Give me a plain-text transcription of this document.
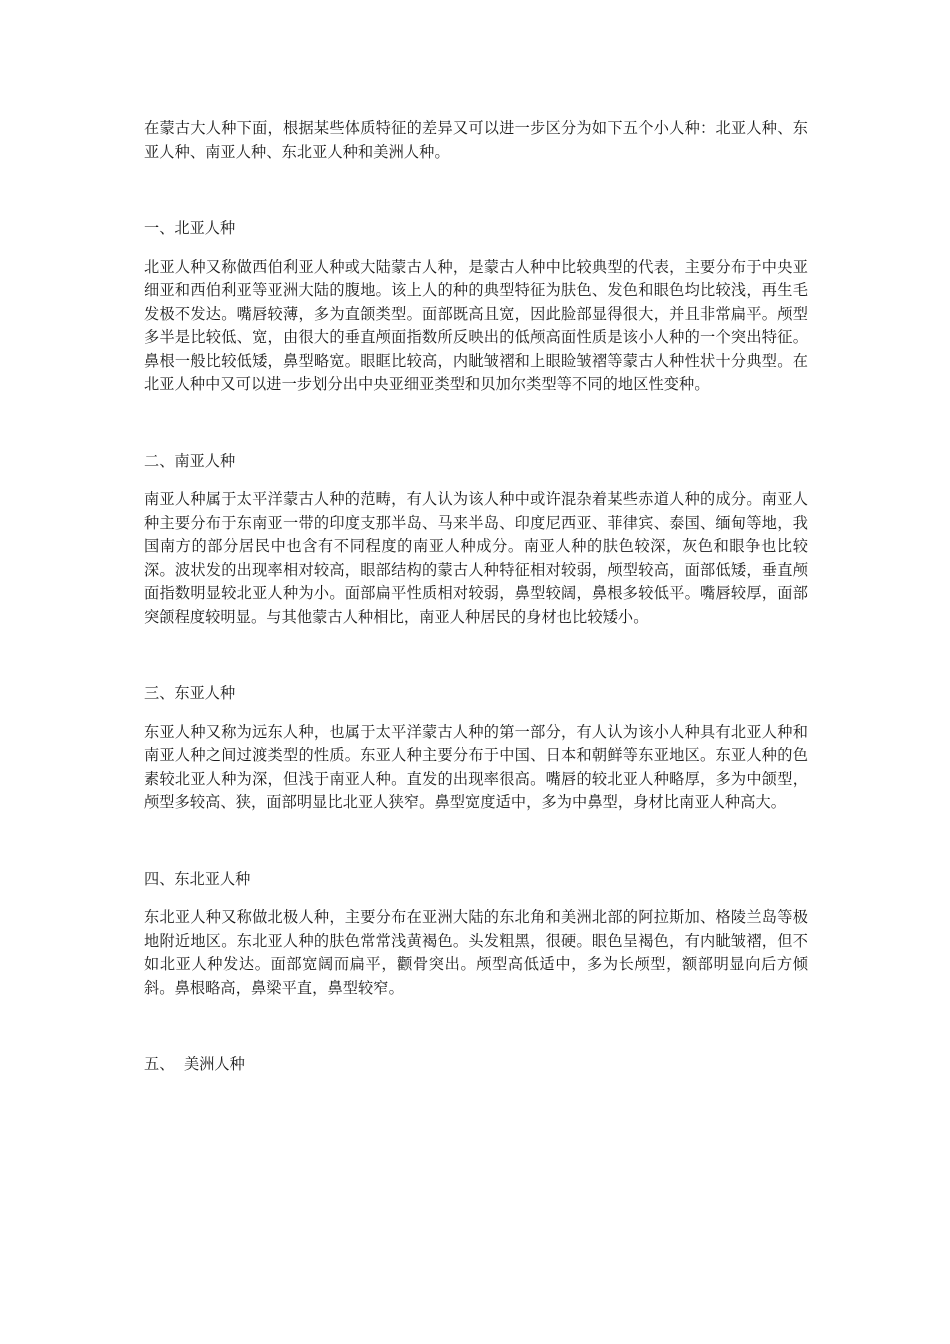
在蒙古大人种下面，根据某些体质特征的差异又可以进一步区分为如下五个小人种：北亚人种、东亚人种、南亚人种、东北亚人种和美洲人种。

一、北亚人种

北亚人种又称做西伯利亚人种或大陆蒙古人种，是蒙古人种中比较典型的代表，主要分布于中央亚细亚和西伯利亚等亚洲大陆的腹地。该上人的种的典型特征为肤色、发色和眼色均比较浅，再生毛发极不发达。嘴唇较薄，多为直颌类型。面部既高且宽，因此脸部显得很大，并且非常扁平。颅型多半是比较低、宽，由很大的垂直颅面指数所反映出的低颅高面性质是该小人种的一个突出特征。鼻根一般比较低矮，鼻型略宽。眼眶比较高，内眦皱褶和上眼睑皱褶等蒙古人种性状十分典型。在北亚人种中又可以进一步划分出中央亚细亚类型和贝加尔类型等不同的地区性变种。

二、南亚人种

南亚人种属于太平洋蒙古人种的范畴，有人认为该人种中或许混杂着某些赤道人种的成分。南亚人种主要分布于东南亚一带的印度支那半岛、马来半岛、印度尼西亚、菲律宾、泰国、缅甸等地，我国南方的部分居民中也含有不同程度的南亚人种成分。南亚人种的肤色较深，灰色和眼争也比较深。波状发的出现率相对较高，眼部结构的蒙古人种特征相对较弱，颅型较高，面部低矮，垂直颅面指数明显较北亚人种为小。面部扁平性质相对较弱，鼻型较阔，鼻根多较低平。嘴唇较厚，面部突颌程度较明显。与其他蒙古人种相比，南亚人种居民的身材也比较矮小。

三、东亚人种

东亚人种又称为远东人种，也属于太平洋蒙古人种的第一部分，有人认为该小人种具有北亚人种和南亚人种之间过渡类型的性质。东亚人种主要分布于中国、日本和朝鲜等东亚地区。东亚人种的色素较北亚人种为深，但浅于南亚人种。直发的出现率很高。嘴唇的较北亚人种略厚，多为中颌型，颅型多较高、狭，面部明显比北亚人狭窄。鼻型宽度适中，多为中鼻型，身材比南亚人种高大。

四、东北亚人种

东北亚人种又称做北极人种，主要分布在亚洲大陆的东北角和美洲北部的阿拉斯加、格陵兰岛等极地附近地区。东北亚人种的肤色常常浅黄褐色。头发粗黑，很硬。眼色呈褐色，有内眦皱褶，但不如北亚人种发达。面部宽阔而扁平，颧骨突出。颅型高低适中，多为长颅型，额部明显向后方倾斜。鼻根略高，鼻梁平直，鼻型较窄。

五、  美洲人种
